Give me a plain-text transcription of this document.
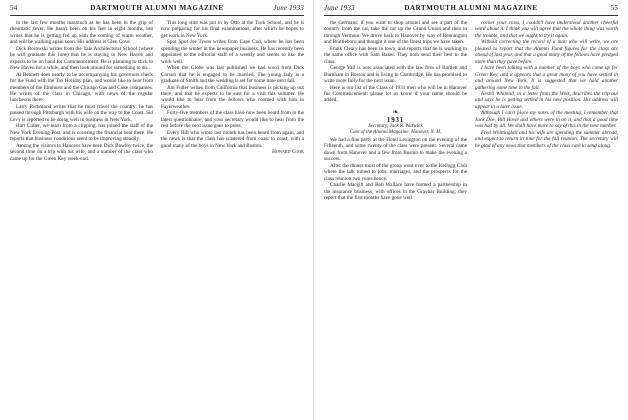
54	DARTMOUTH ALUMNI MAGAZINE	June 1933

in the last few months inasmuch as he has been in the grip of rheumatic fever. He hasn't been on his feet in eight months, but writes that he is getting fed up with the coming of warm weather, and will be walking again soon. His address is Glen Cove.

Dick Borowski writes from the Yale Architectural School (where he will graduate this June) that he is staying in New Haven and expects to be on hand for Commencement. He is planning to stick to New Haven for a while, and then look around for something to do.

Al Bennett does nearly to be accompanying his governors check for the Fund with the Tax Holiday plan, and would like to hear from members of the Elmhurst and the Chicago Gas and Coke companies. He writes of the class in Chicago, with news of the regular luncheons there.

Larry Richmond writes that he must travel the country; he has passed through Pittsburgh with his wife on the way to the Coast. Sid Levy is reported to be doing well in business in New York.

Hart Cutler, we learn from a clipping, has joined the staff of the New York Evening Post, and is covering the financial beat there. He reports that business conditions seem to be improving steadily.

Among the visitors to Hanover have been Dick Bowlby twice, the second time on a trip with his wife, and a number of the class who came up for the Green Key week-end.

This long stint was put in by Otto at the Tuck School, and he is now preparing for his final examinations, after which he hopes to get work in New York.

Spot Spot Joe Tyson writes from Cape Cod, where he has been spending the winter in the newspaper business. He has recently been appointed to the editorial staff of a weekly and seems to like the work well.

When the Globe was last published we had word from Dick Corson that he is engaged to be married. The young lady is a graduate of Smith and the wedding is set for some time next fall.

Jim Fuller writes from California that business is picking up out there, and that he expects to be east for a visit this summer. He would like to hear from the fellows who roomed with him in Fayerweather.

Forty-five members of the class have now been heard from in the latest questionnaire, and your secretary would like to hear from the rest before the next issue goes to press.

Every Bill who wrote last month has been heard from again, and the news is that the class has scattered from coast to coast, with a good many of the boys in New York and Boston.

Howard Cook

June 1933	DARTMOUTH ALUMNI MAGAZINE	55

the Germans; if you want to shop around and see a part of the country from the car, take the car up the Grand Union and then in through Vermont. We drove back to Hanover by way of Bennington and Brattleboro and thought it one of the finest trips we have taken.

Frank Cleary has been in town, and reports that he is working in the same office with Sam Baker. They both send their best to the class.

George Vail is now associated with the law firm of Bartlett and Burnham in Boston and is living in Cambridge. He has promised to write more fully for the next issue.

Here is our list of the Class of 1931 men who will be in Hanover for Commencement: please let us know if your name should be added.

❧
1931
Secretary, Jack R. Warwick
Care of the Alumni Magazine, Hanover, N. H.

We had a fine party at the Hotel Lexington on the evening of the Fifteenth, and some twenty of the class were present. Several came down from Hanover and a few from Boston to make the evening a success.

After the dinner most of the group went over to the Kellogg Club where the talk turned to jobs, marriages, and the prospects for the class reunion two years hence.

Charlie Macgill and Bob Wallace have formed a partnership in the insurance business, with offices in the Graybar Building; they report that the first months have gone well.

corner your class, I couldn't have understood another cheerful word about it. I think you will agree that the whole thing was worth the trouble, and that we ought to try it again.

Without correcting the record of a man who will write, we are pleased to report that the Alumni Fund figures for the class are ahead of last year, and that a good many of the fellows have pledged more than they gave before.

I have been talking with a number of the boys who came up for Green Key, and it appears that a great many of you have settled in and around New York. It is suggested that we hold another gathering some time in the fall.

Nesbit Whitnall, in a letter from the West, describes the trip out and says he is getting settled in his new position. His address will appear in a later issue.

Although I can't place my notes of the meeting, I remember that Jack Doe, Bill Howe and others were in on it, and that a good time was had by all. We shall have more to say of this in the next number.

Fred Whittinghill and his wife are spending the summer abroad, and expect to return in time for the fall reunion. The secretary will be glad of any news that members of the class care to send along.
